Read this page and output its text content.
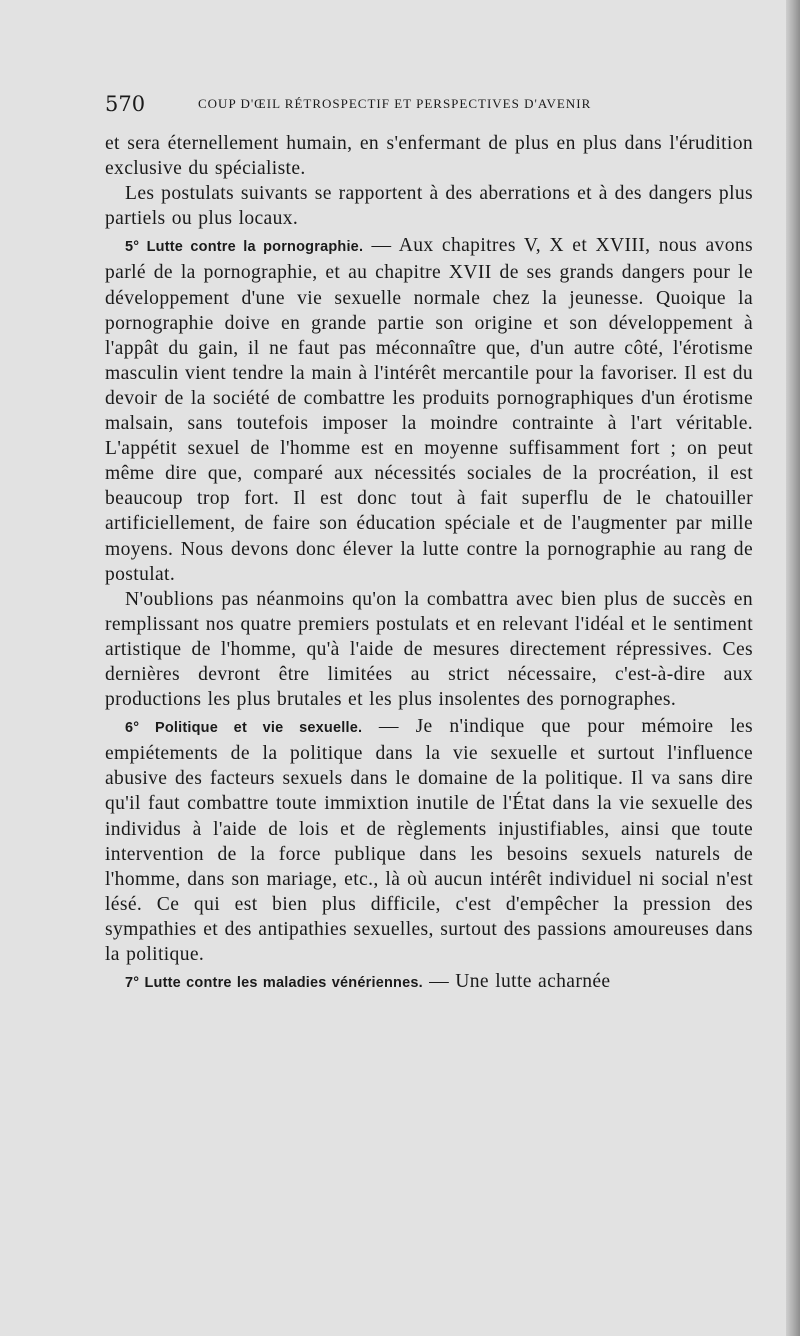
570	COUP D'ŒIL RÉTROSPECTIF ET PERSPECTIVES D'AVENIR

et sera éternellement humain, en s'enfermant de plus en plus dans l'érudition exclusive du spécialiste.

Les postulats suivants se rapportent à des aberrations et à des dangers plus partiels ou plus locaux.

5° Lutte contre la pornographie. — Aux chapitres V, X et XVIII, nous avons parlé de la pornographie, et au chapitre XVII de ses grands dangers pour le développement d'une vie sexuelle normale chez la jeunesse. Quoique la pornographie doive en grande partie son origine et son développement à l'appât du gain, il ne faut pas méconnaître que, d'un autre côté, l'érotisme masculin vient tendre la main à l'intérêt mercantile pour la favoriser. Il est du devoir de la société de combattre les produits pornographiques d'un érotisme malsain, sans toutefois imposer la moindre contrainte à l'art véritable. L'appétit sexuel de l'homme est en moyenne suffisamment fort ; on peut même dire que, comparé aux nécessités sociales de la procréation, il est beaucoup trop fort. Il est donc tout à fait superflu de le chatouiller artificiellement, de faire son éducation spéciale et de l'augmenter par mille moyens. Nous devons donc élever la lutte contre la pornographie au rang de postulat.

N'oublions pas néanmoins qu'on la combattra avec bien plus de succès en remplissant nos quatre premiers postulats et en relevant l'idéal et le sentiment artistique de l'homme, qu'à l'aide de mesures directement répressives. Ces dernières devront être limitées au strict nécessaire, c'est-à-dire aux productions les plus brutales et les plus insolentes des pornographes.

6° Politique et vie sexuelle. — Je n'indique que pour mémoire les empiétements de la politique dans la vie sexuelle et surtout l'influence abusive des facteurs sexuels dans le domaine de la politique. Il va sans dire qu'il faut combattre toute immixtion inutile de l'État dans la vie sexuelle des individus à l'aide de lois et de règlements injustifiables, ainsi que toute intervention de la force publique dans les besoins sexuels naturels de l'homme, dans son mariage, etc., là où aucun intérêt individuel ni social n'est lésé. Ce qui est bien plus difficile, c'est d'empêcher la pression des sympathies et des antipathies sexuelles, surtout des passions amoureuses dans la politique.

7° Lutte contre les maladies vénériennes. — Une lutte acharnée
